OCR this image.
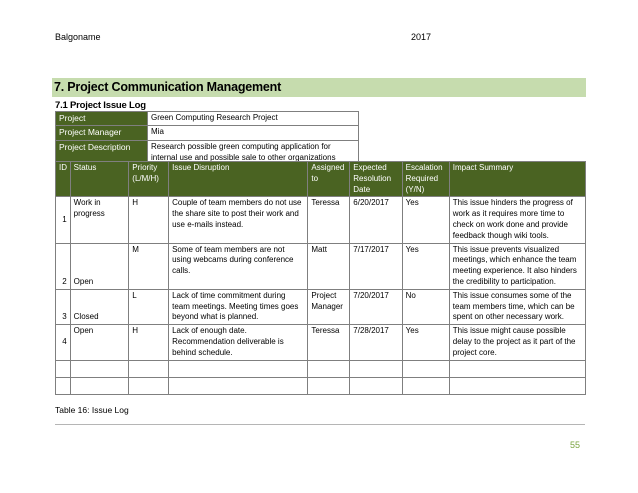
Balgoname	2017
7. Project Communication Management
7.1 Project Issue Log
Project	Green Computing Research Project
Project Manager	Mia
Project Description	Research possible green computing application for internal use and possible sale to other organizations
ID	Status	Priority (L/M/H)	Issue Disruption	Assigned to	Expected Resolution Date	Escalation Required (Y/N)	Impact Summary
1	Work in progress	H	Couple of team members do not use the share site to post their work and use e-mails instead.	Teressa	6/20/2017	Yes	This issue hinders the progress of work as it requires more time to check on work done and provide feedback though wiki tools.
2	Open	M	Some of team members are not using webcams during conference calls.	Matt	7/17/2017	Yes	This issue prevents visualized meetings, which enhance the team meeting experience. It also hinders the credibility to participation.
3	Closed	L	Lack of time commitment during team meetings. Meeting times goes beyond what is planned.	Project Manager	7/20/2017	No	This issue consumes some of the team members time, which can be spent on other necessary work.
4	Open	H	Lack of enough date. Recommendation deliverable is behind schedule.	Teressa	7/28/2017	Yes	This issue might cause possible delay to the project as it part of the project core.

Table 16: Issue Log
55
